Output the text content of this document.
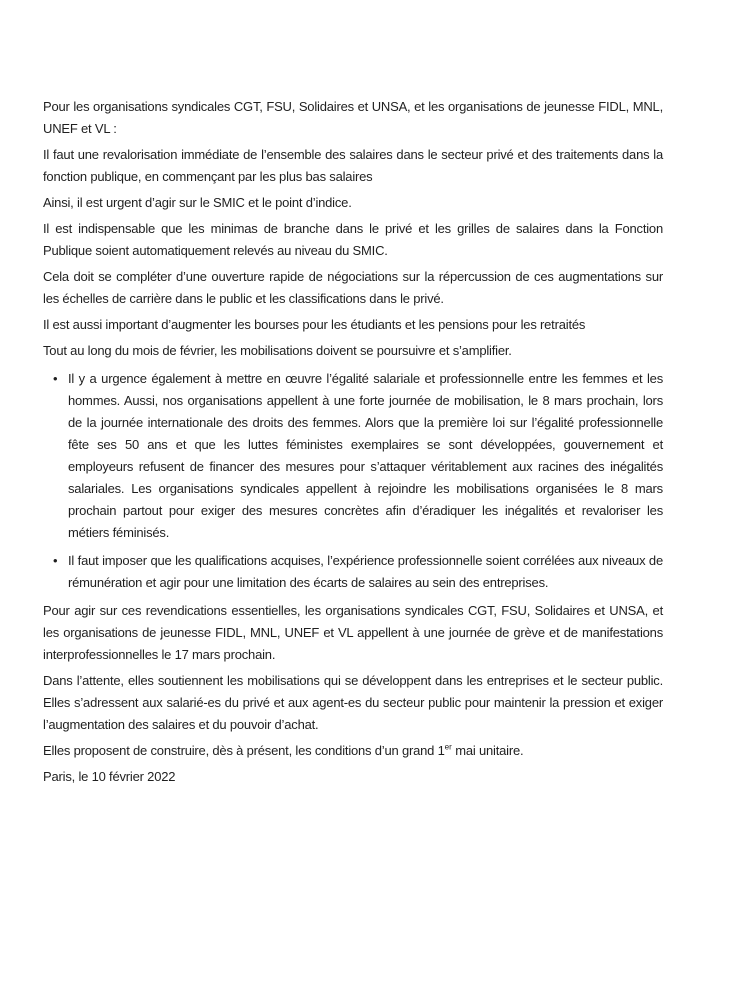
Pour les organisations syndicales CGT, FSU, Solidaires et UNSA, et les organisations de jeunesse FIDL, MNL, UNEF et VL :

Il faut une revalorisation immédiate de l’ensemble des salaires dans le secteur privé et des traitements dans la fonction publique, en commençant par les plus bas salaires

Ainsi, il est urgent d’agir sur le SMIC et le point d’indice.

Il est indispensable que les minimas de branche dans le privé et les grilles de salaires dans la Fonction Publique soient automatiquement relevés au niveau du SMIC.

Cela doit se compléter d’une ouverture rapide de négociations sur la répercussion de ces augmentations sur les échelles de carrière dans le public et les classifications dans le privé.

Il est aussi important d’augmenter les bourses pour les étudiants et les pensions pour les retraités

Tout au long du mois de février, les mobilisations doivent se poursuivre et s’amplifier.

• Il y a urgence également à mettre en œuvre l’égalité salariale et professionnelle entre les femmes et les hommes. Aussi, nos organisations appellent à une forte journée de mobilisation, le 8 mars prochain, lors de la journée internationale des droits des femmes. Alors que la première loi sur l’égalité professionnelle fête ses 50 ans et que les luttes féministes exemplaires se sont développées, gouvernement et employeurs refusent de financer des mesures pour s’attaquer véritablement aux racines des inégalités salariales. Les organisations syndicales appellent à rejoindre les mobilisations organisées le 8 mars prochain partout pour exiger des mesures concrètes afin d’éradiquer les inégalités et revaloriser les métiers féminisés.
• Il faut imposer que les qualifications acquises, l’expérience professionnelle soient corrélées aux niveaux de rémunération et agir pour une limitation des écarts de salaires au sein des entreprises.

Pour agir sur ces revendications essentielles, les organisations syndicales CGT, FSU, Solidaires et UNSA, et les organisations de jeunesse FIDL, MNL, UNEF et VL appellent à une journée de grève et de manifestations interprofessionnelles le 17 mars prochain.

Dans l’attente, elles soutiennent les mobilisations qui se développent dans les entreprises et le secteur public. Elles s’adressent aux salarié-es du privé et aux agent-es du secteur public pour maintenir la pression et exiger l’augmentation des salaires et du pouvoir d’achat.

Elles proposent de construire, dès à présent, les conditions d’un grand 1er mai unitaire.

Paris, le 10 février 2022
